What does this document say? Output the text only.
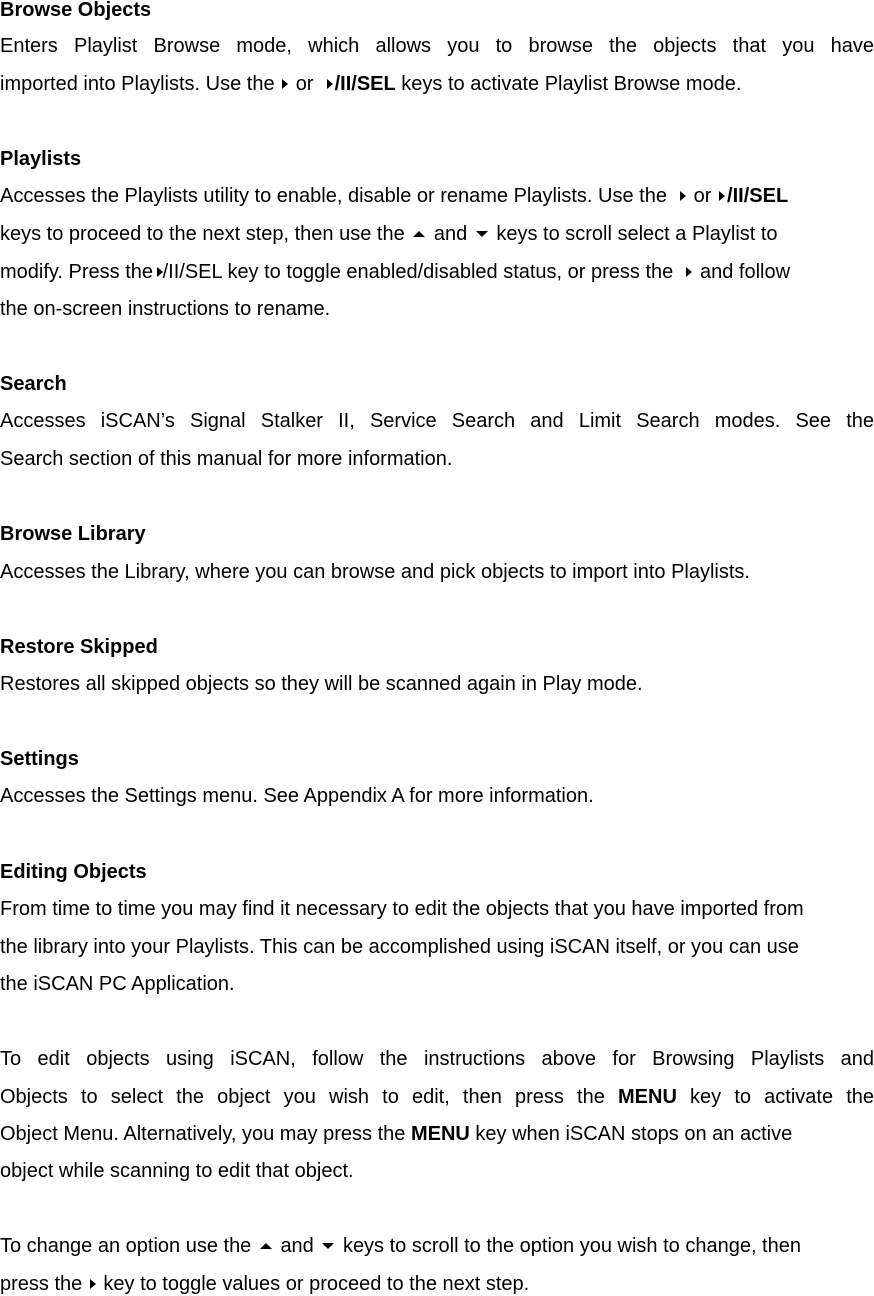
Browse Objects
Enters Playlist Browse mode, which allows you to browse the objects that you have
imported into Playlists. Use the or /II/SEL keys to activate Playlist Browse mode.
Playlists
Accesses the Playlists utility to enable, disable or rename Playlists. Use the or /II/SEL
keys to proceed to the next step, then use the and keys to scroll select a Playlist to
modify. Press the /II/SEL key to toggle enabled/disabled status, or press the and follow
the on-screen instructions to rename.
Search
Accesses iSCAN’s Signal Stalker II, Service Search and Limit Search modes. See the
Search section of this manual for more information.
Browse Library
Accesses the Library, where you can browse and pick objects to import into Playlists.
Restore Skipped
Restores all skipped objects so they will be scanned again in Play mode.
Settings
Accesses the Settings menu. See Appendix A for more information.
Editing Objects
From time to time you may find it necessary to edit the objects that you have imported from
the library into your Playlists. This can be accomplished using iSCAN itself, or you can use
the iSCAN PC Application.
To edit objects using iSCAN, follow the instructions above for Browsing Playlists and
Objects to select the object you wish to edit, then press the MENU key to activate the
Object Menu. Alternatively, you may press the MENU key when iSCAN stops on an active
object while scanning to edit that object.
To change an option use the and keys to scroll to the option you wish to change, then
press the key to toggle values or proceed to the next step.
